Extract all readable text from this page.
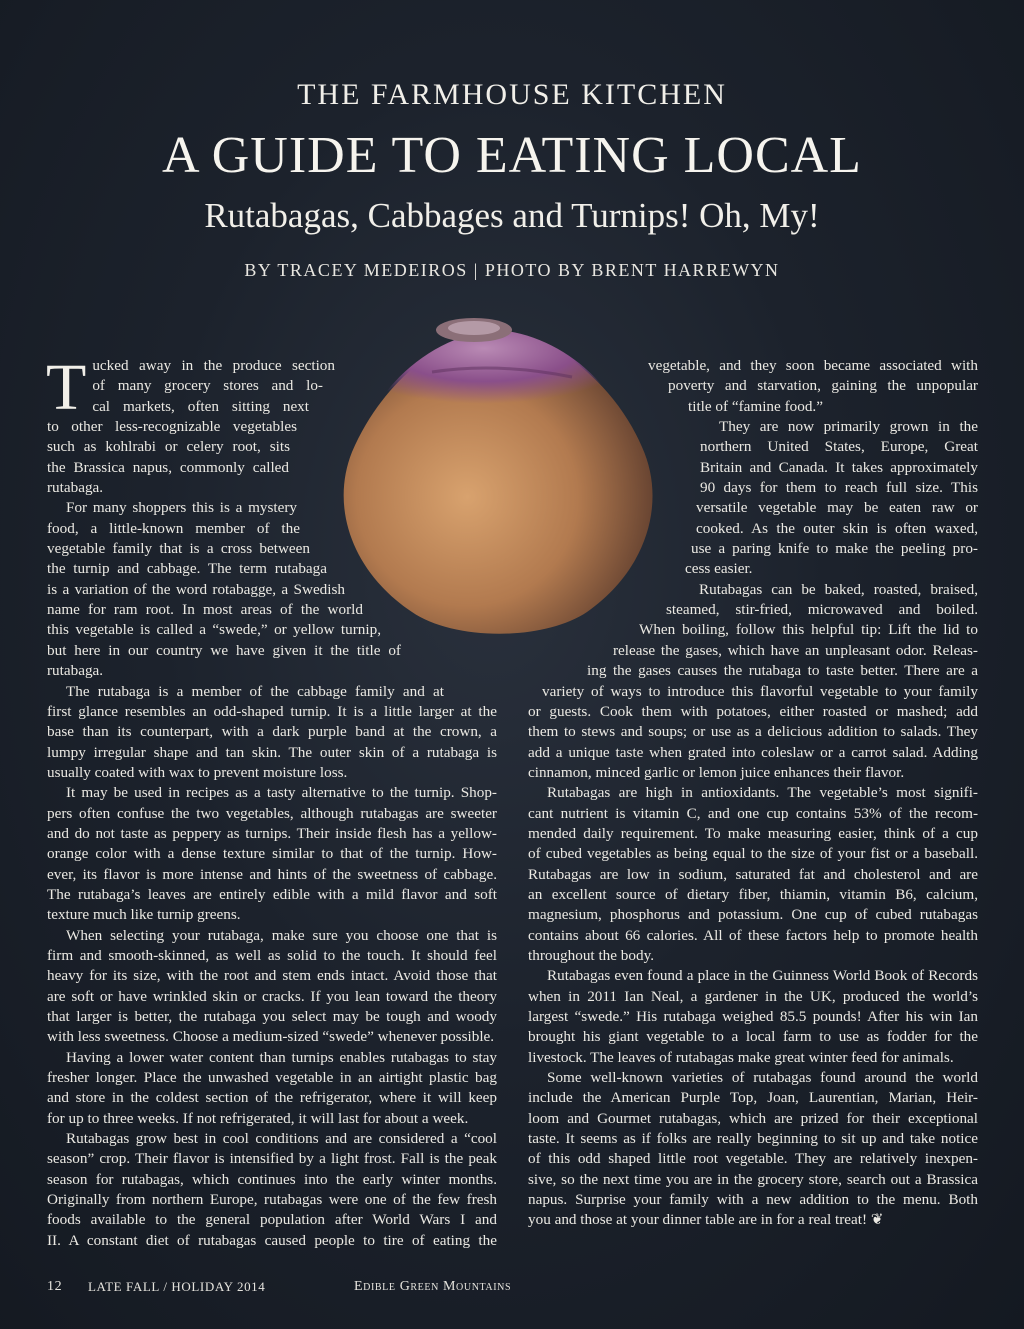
THE FARMHOUSE KITCHEN
A GUIDE TO EATING LOCAL
Rutabagas, Cabbages and Turnips! Oh, My!
BY TRACEY MEDEIROS | PHOTO BY BRENT HARREWYN
T ucked away in the produce section
of many grocery stores and lo-
cal markets, often sitting next
to other less-recognizable vegetables
such as kohlrabi or celery root, sits
the Brassica napus, commonly called
rutabaga.

For many shoppers this is a mystery
food, a little-known member of the
vegetable family that is a cross between
the turnip and cabbage. The term rutabaga
is a variation of the word rotabagge, a Swedish
name for ram root. In most areas of the world
this vegetable is called a “swede,” or yellow turnip,
but here in our country we have given it the title of
rutabaga.

The rutabaga is a member of the cabbage family and at
first glance resembles an odd-shaped turnip. It is a little larger at the
base than its counterpart, with a dark purple band at the crown, a
lumpy irregular shape and tan skin. The outer skin of a rutabaga is
usually coated with wax to prevent moisture loss.

It may be used in recipes as a tasty alternative to the turnip. Shop-
pers often confuse the two vegetables, although rutabagas are sweeter
and do not taste as peppery as turnips. Their inside flesh has a yellow-
orange color with a dense texture similar to that of the turnip. How-
ever, its flavor is more intense and hints of the sweetness of cabbage.
The rutabaga’s leaves are entirely edible with a mild flavor and soft
texture much like turnip greens.

When selecting your rutabaga, make sure you choose one that is
firm and smooth-skinned, as well as solid to the touch. It should feel
heavy for its size, with the root and stem ends intact. Avoid those that
are soft or have wrinkled skin or cracks. If you lean toward the theory
that larger is better, the rutabaga you select may be tough and woody
with less sweetness. Choose a medium-sized “swede” whenever possible.

Having a lower water content than turnips enables rutabagas to stay
fresher longer. Place the unwashed vegetable in an airtight plastic bag
and store in the coldest section of the refrigerator, where it will keep
for up to three weeks. If not refrigerated, it will last for about a week.

Rutabagas grow best in cool conditions and are considered a “cool
season” crop. Their flavor is intensified by a light frost. Fall is the peak
season for rutabagas, which continues into the early winter months.
Originally from northern Europe, rutabagas were one of the few fresh
foods available to the general population after World Wars I and
II. A constant diet of rutabagas caused people to tire of eating the

vegetable, and they soon became associated with
poverty and starvation, gaining the unpopular
title of “famine food.”

They are now primarily grown in the
northern United States, Europe, Great
Britain and Canada. It takes approximately
90 days for them to reach full size. This
versatile vegetable may be eaten raw or
cooked. As the outer skin is often waxed,
use a paring knife to make the peeling pro-
cess easier.

Rutabagas can be baked, roasted, braised,
steamed, stir-fried, microwaved and boiled.
When boiling, follow this helpful tip: Lift the lid to
release the gases, which have an unpleasant odor. Releas-
ing the gases causes the rutabaga to taste better. There are a
variety of ways to introduce this flavorful vegetable to your family
or guests. Cook them with potatoes, either roasted or mashed; add
them to stews and soups; or use as a delicious addition to salads. They
add a unique taste when grated into coleslaw or a carrot salad. Adding
cinnamon, minced garlic or lemon juice enhances their flavor.

Rutabagas are high in antioxidants. The vegetable’s most signifi-
cant nutrient is vitamin C, and one cup contains 53% of the recom-
mended daily requirement. To make measuring easier, think of a cup
of cubed vegetables as being equal to the size of your fist or a baseball.
Rutabagas are low in sodium, saturated fat and cholesterol and are
an excellent source of dietary fiber, thiamin, vitamin B6, calcium,
magnesium, phosphorus and potassium. One cup of cubed rutabagas
contains about 66 calories. All of these factors help to promote health
throughout the body.

Rutabagas even found a place in the Guinness World Book of Records
when in 2011 Ian Neal, a gardener in the UK, produced the world’s
largest “swede.” His rutabaga weighed 85.5 pounds! After his win Ian
brought his giant vegetable to a local farm to use as fodder for the
livestock. The leaves of rutabagas make great winter feed for animals.

Some well-known varieties of rutabagas found around the world
include the American Purple Top, Joan, Laurentian, Marian, Heir-
loom and Gourmet rutabagas, which are prized for their exceptional
taste. It seems as if folks are really beginning to sit up and take notice
of this odd shaped little root vegetable. They are relatively inexpen-
sive, so the next time you are in the grocery store, search out a Brassica
napus. Surprise your family with a new addition to the menu. Both
you and those at your dinner table are in for a real treat! ❦

12 LATE FALL / HOLIDAY 2014	Edible Green Mountains
